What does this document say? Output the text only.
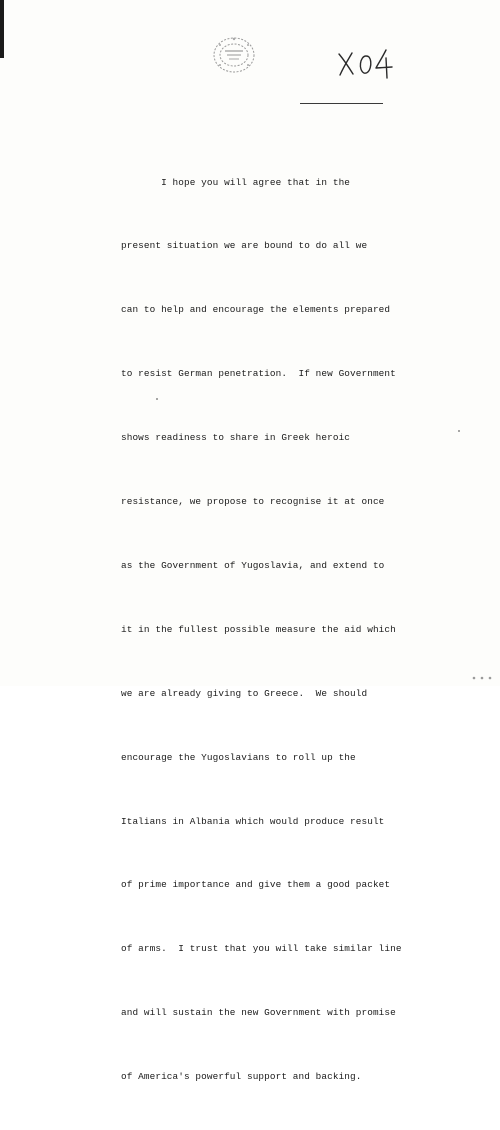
I hope you will agree that in the

present situation we are bound to do all we

can to help and encourage the elements prepared

to resist German penetration.  If new Government

shows readiness to share in Greek heroic

resistance, we propose to recognise it at once

as the Government of Yugoslavia, and extend to

it in the fullest possible measure the aid which

we are already giving to Greece.  We should

encourage the Yugoslavians to roll up the

Italians in Albania which would produce result

of prime importance and give them a good packet

of arms.  I trust that you will take similar line

and will sustain the new Government with promise

of America's powerful support and backing.
